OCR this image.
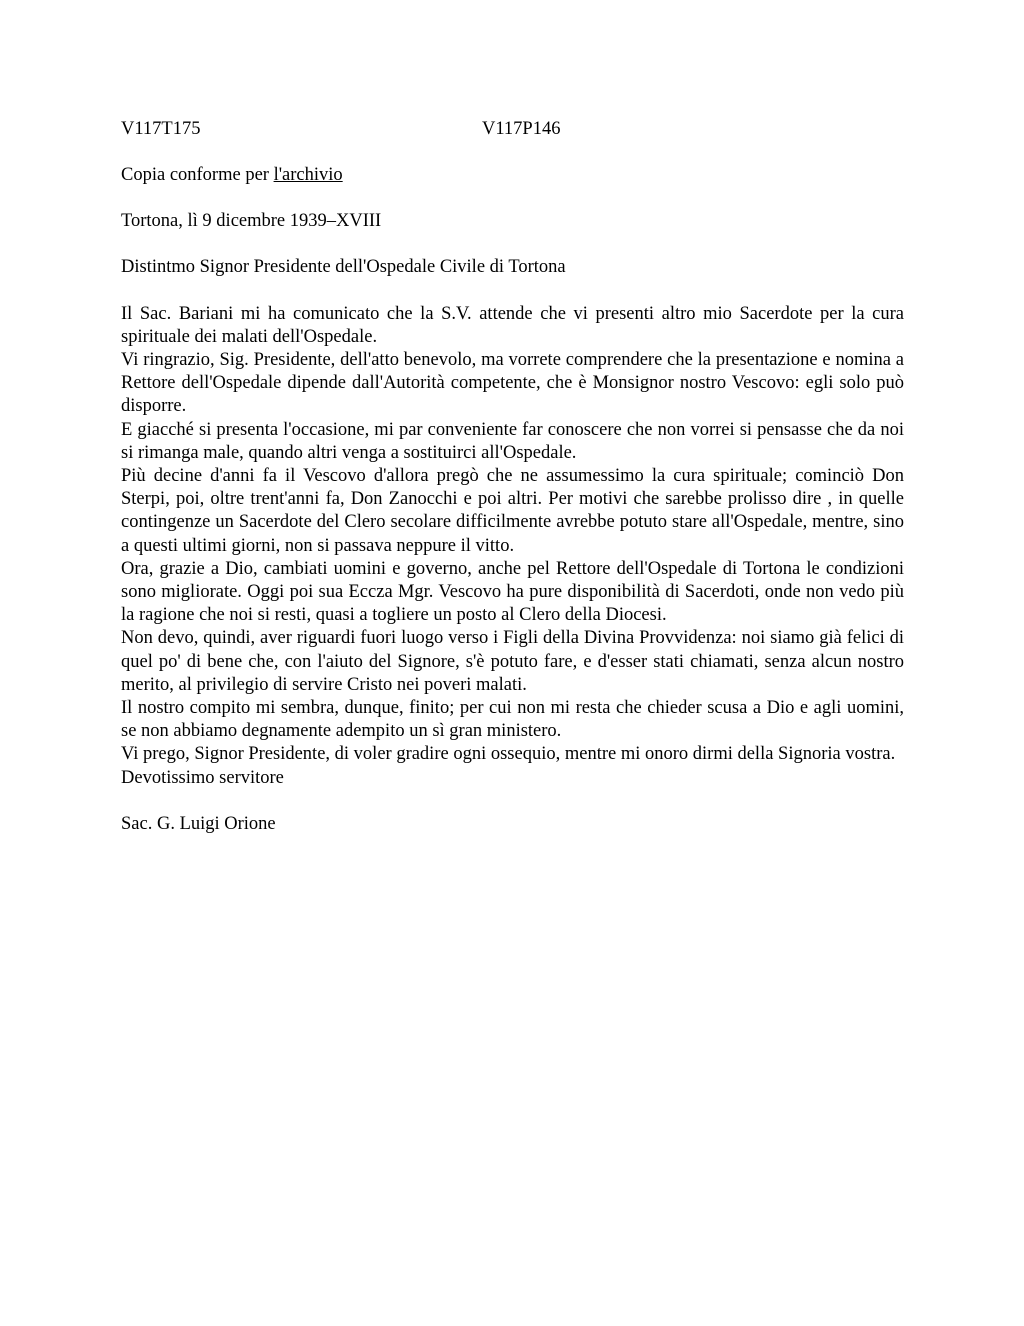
V117T175	V117P146

Copia conforme per l'archivio

Tortona, lì 9 dicembre 1939–XVIII

Distintmo Signor Presidente dell'Ospedale Civile di Tortona

Il Sac. Bariani mi ha comunicato che la S.V. attende che vi presenti altro mio Sacerdote per la cura spirituale dei malati dell'Ospedale.

Vi ringrazio, Sig. Presidente, dell'atto benevolo, ma vorrete comprendere che la presentazione e nomina a Rettore dell'Ospedale dipende dall'Autorità competente, che è Monsignor nostro Vescovo: egli solo può disporre.

E giacché si presenta l'occasione, mi par conveniente far conoscere che non vorrei si pensasse che da noi si rimanga male, quando altri venga a sostituirci all'Ospedale.

Più decine d'anni fa il Vescovo d'allora pregò che ne assumessimo la cura spirituale; cominciò Don Sterpi, poi, oltre trent'anni fa, Don Zanocchi e poi altri. Per motivi che sarebbe prolisso dire , in quelle contingenze un Sacerdote del Clero secolare difficilmente avrebbe potuto stare all'Ospedale, mentre, sino a questi ultimi giorni, non si passava neppure il vitto.

Ora, grazie a Dio, cambiati uomini e governo, anche pel Rettore dell'Ospedale di Tortona le condizioni sono migliorate. Oggi poi sua Eccza Mgr. Vescovo ha pure disponibilità di Sacerdoti, onde non vedo più la ragione che noi si resti, quasi a togliere un posto al Clero della Diocesi.

Non devo, quindi, aver riguardi fuori luogo verso i Figli della Divina Provvidenza: noi siamo già felici di quel po' di bene che, con l'aiuto del Signore, s'è potuto fare, e d'esser stati chiamati, senza alcun nostro merito, al privilegio di servire Cristo nei poveri malati.

Il nostro compito mi sembra, dunque, finito; per cui non mi resta che chieder scusa a Dio e agli uomini, se non abbiamo degnamente adempito un sì gran ministero.

Vi prego, Signor Presidente, di voler gradire ogni ossequio, mentre mi onoro dirmi della Signoria vostra.

Devotissimo servitore

Sac. G. Luigi Orione
